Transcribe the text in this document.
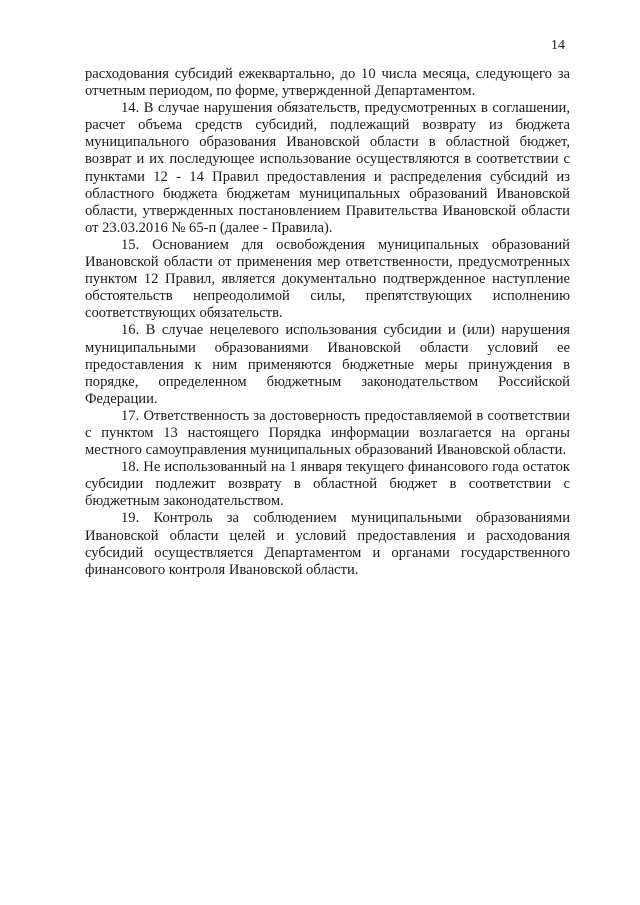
14

расходования субсидий ежеквартально, до 10 числа месяца, следующего за отчетным периодом, по форме, утвержденной Департаментом.

14. В случае нарушения обязательств, предусмотренных в соглашении, расчет объема средств субсидий, подлежащий возврату из бюджета муниципального образования Ивановской области в областной бюджет, возврат и их последующее использование осуществляются в соответствии с пунктами 12 - 14 Правил предоставления и распределения субсидий из областного бюджета бюджетам муниципальных образований Ивановской области, утвержденных постановлением Правительства Ивановской области от 23.03.2016 № 65-п (далее - Правила).

15. Основанием для освобождения муниципальных образований Ивановской области от применения мер ответственности, предусмотренных пунктом 12 Правил, является документально подтвержденное наступление обстоятельств непреодолимой силы, препятствующих исполнению соответствующих обязательств.

16. В случае нецелевого использования субсидии и (или) нарушения муниципальными образованиями Ивановской области условий ее предоставления к ним применяются бюджетные меры принуждения в порядке, определенном бюджетным законодательством Российской Федерации.

17. Ответственность за достоверность предоставляемой в соответствии с пунктом 13 настоящего Порядка информации возлагается на органы местного самоуправления муниципальных образований Ивановской области.

18. Не использованный на 1 января текущего финансового года остаток субсидии подлежит возврату в областной бюджет в соответствии с бюджетным законодательством.

19. Контроль за соблюдением муниципальными образованиями Ивановской области целей и условий предоставления и расходования субсидий осуществляется Департаментом и органами государственного финансового контроля Ивановской области.
